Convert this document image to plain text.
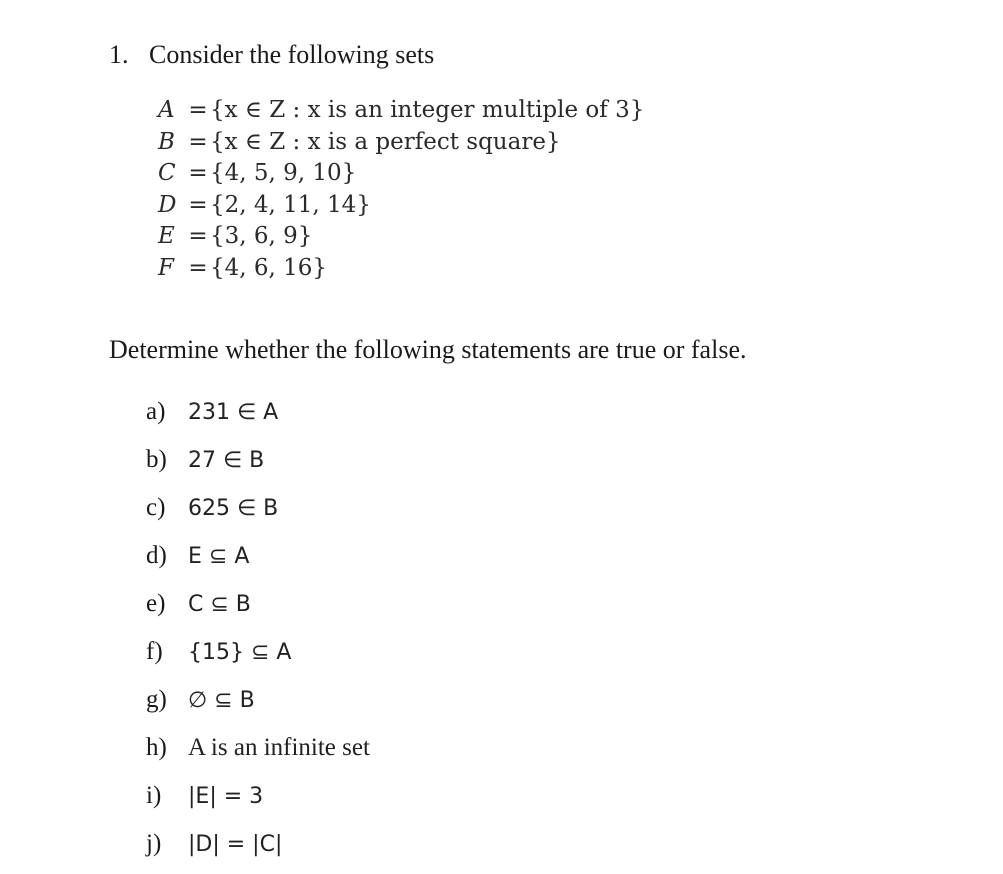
1. Consider the following sets
A = {x ∈ Z : x is an integer multiple of 3}
B = {x ∈ Z : x is a perfect square}
C = {4, 5, 9, 10}
D = {2, 4, 11, 14}
E = {3, 6, 9}
F = {4, 6, 16}
Determine whether the following statements are true or false.
a) 231 ∈ A
b) 27 ∈ B
c) 625 ∈ B
d) E ⊆ A
e) C ⊆ B
f) {15} ⊆ A
g) ∅ ⊆ B
h) A is an infinite set
i) |E| = 3
j) |D| = |C|
